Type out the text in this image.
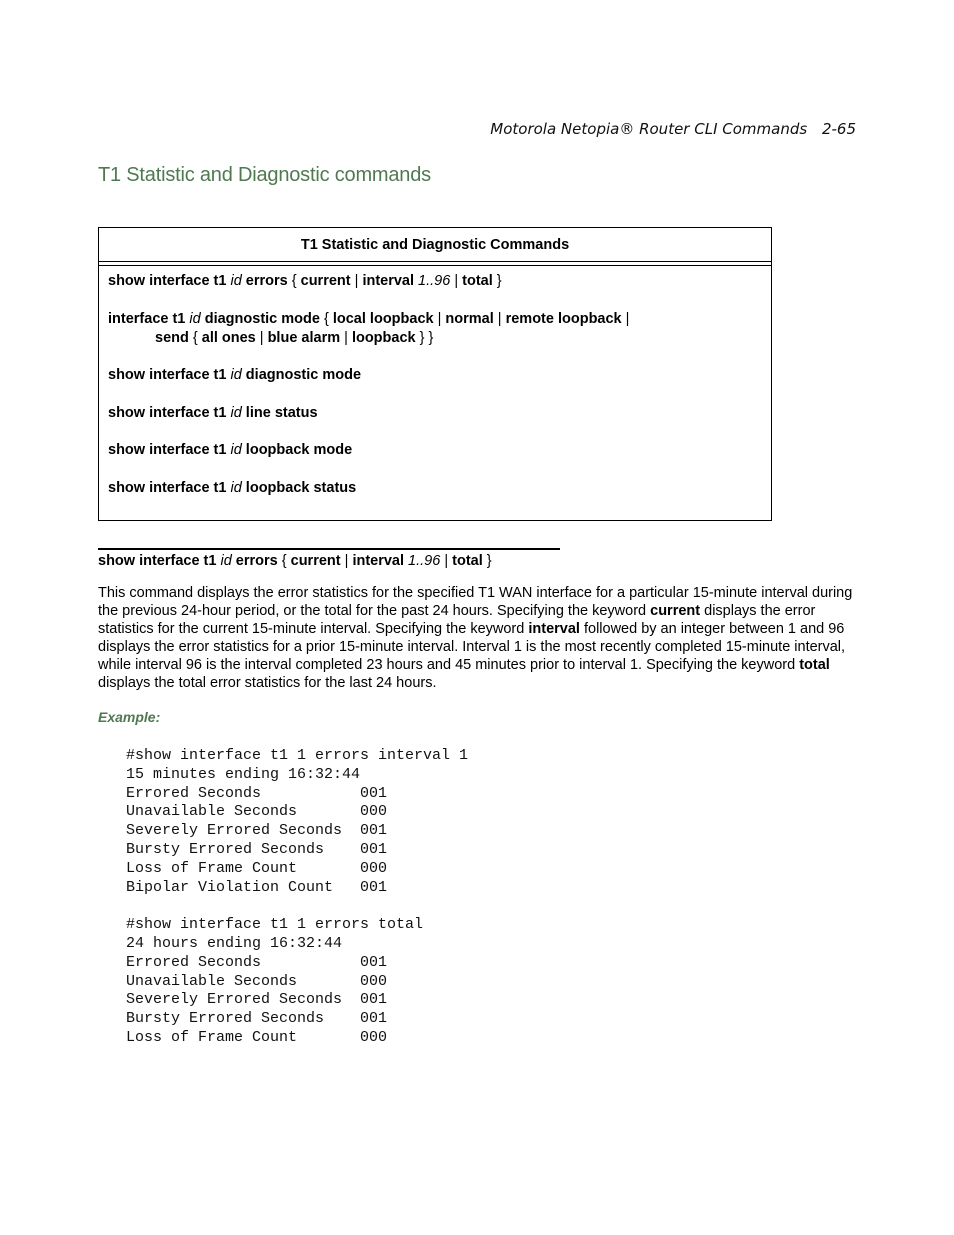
Motorola Netopia® Router CLI Commands 2-65
T1 Statistic and Diagnostic commands
T1 Statistic and Diagnostic Commands
show interface t1 id errors { current | interval 1..96 | total }
interface t1 id diagnostic mode { local loopback | normal | remote loopback |
send { all ones | blue alarm | loopback } }
show interface t1 id diagnostic mode
show interface t1 id line status
show interface t1 id loopback mode
show interface t1 id loopback status
show interface t1 id errors { current | interval 1..96 | total }

This command displays the error statistics for the specified T1 WAN interface for a particular 15-minute interval during the previous 24-hour period, or the total for the past 24 hours. Specifying the keyword current displays the error statistics for the current 15-minute interval. Specifying the keyword interval followed by an integer between 1 and 96 displays the error statistics for a prior 15-minute interval. Interval 1 is the most recently completed 15-minute interval, while interval 96 is the interval completed 23 hours and 45 minutes prior to interval 1. Specifying the keyword total displays the total error statistics for the last 24 hours.

Example:
#show interface t1 1 errors interval 1
15 minutes ending 16:32:44
Errored Seconds           001
Unavailable Seconds       000
Severely Errored Seconds  001
Bursty Errored Seconds    001
Loss of Frame Count       000
Bipolar Violation Count   001

#show interface t1 1 errors total
24 hours ending 16:32:44
Errored Seconds           001
Unavailable Seconds       000
Severely Errored Seconds  001
Bursty Errored Seconds    001
Loss of Frame Count       000
